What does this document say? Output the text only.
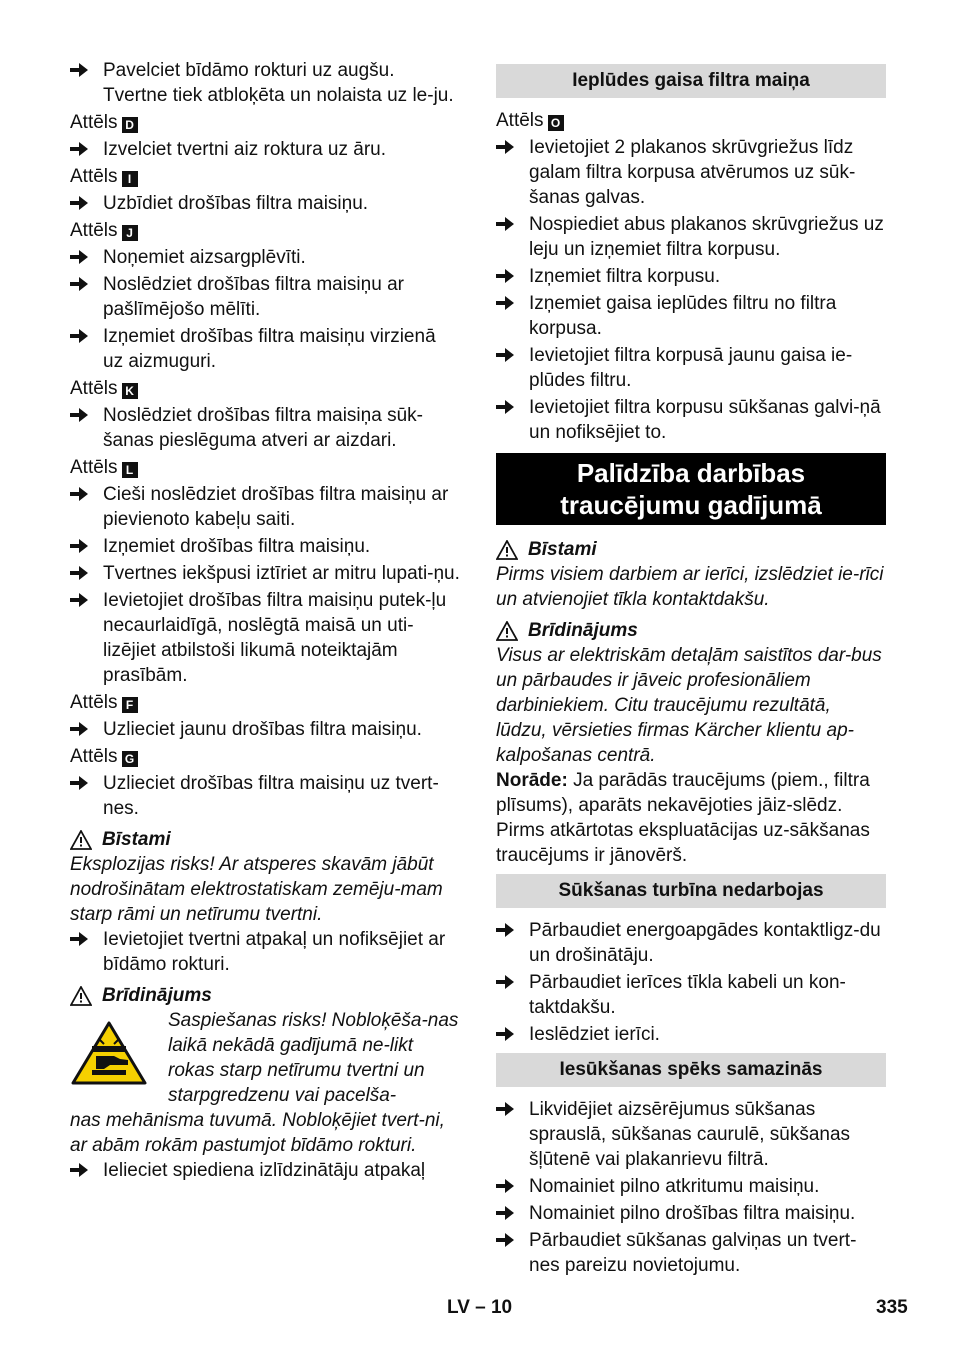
Pavelciet bīdāmo rokturi uz augšu. Tvertne tiek atbloķēta un nolaista uz le-ju.
Attēls D
Izvelciet tvertni aiz roktura uz āru.
Attēls I
Uzbīdiet drošības filtra maisiņu.
Attēls J
Noņemiet aizsargplēvīti.
Noslēdziet drošības filtra maisiņu ar pašlīmējošo mēlīti.
Izņemiet drošības filtra maisiņu virzienā uz aizmuguri.
Attēls K
Noslēdziet drošības filtra maisiņa sūk-šanas pieslēguma atveri ar aizdari.
Attēls L
Cieši noslēdziet drošības filtra maisiņu ar pievienoto kabeļu saiti.
Izņemiet drošības filtra maisiņu.
Tvertnes iekšpusi iztīriet ar mitru lupati-ņu.
Ievietojiet drošības filtra maisiņu putek-ļu necaurlaidīgā, noslēgtā maisā un uti-lizējiet atbilstoši likumā noteiktajām prasībām.
Attēls F
Uzlieciet jaunu drošības filtra maisiņu.
Attēls G
Uzlieciet drošības filtra maisiņu uz tvert-nes.
Bīstami
Eksplozijas risks! Ar atsperes skavām jābūt nodrošinātam elektrostatiskam zemēju-mam starp rāmi un netīrumu tvertni.
Ievietojiet tvertni atpakaļ un nofiksējiet ar bīdāmo rokturi.
Brīdinājums
Saspiešanas risks! Nobloķēša-nas laikā nekādā gadījumā ne-likt rokas starp netīrumu tvertni un starpgredzenu vai pacelša-
nas mehānisma tuvumā. Nobloķējiet tvert-ni, ar abām rokām pastumjot bīdāmo rokturi.
Ielieciet spiediena izlīdzinātāju atpakaļ
Ieplūdes gaisa filtra maiņa
Attēls O
Ievietojiet 2 plakanos skrūvgriežus līdz galam filtra korpusa atvērumos uz sūk-šanas galvas.
Nospiediet abus plakanos skrūvgriežus uz leju un izņemiet filtra korpusu.
Izņemiet filtra korpusu.
Izņemiet gaisa ieplūdes filtru no filtra korpusa.
Ievietojiet filtra korpusā jaunu gaisa ie-plūdes filtru.
Ievietojiet filtra korpusu sūkšanas galvi-ņā un nofiksējiet to.
Palīdzība darbības traucējumu gadījumā
Bīstami
Pirms visiem darbiem ar ierīci, izslēdziet ie-rīci un atvienojiet tīkla kontaktdakšu.
Brīdinājums
Visus ar elektriskām detaļām saistītos dar-bus un pārbaudes ir jāveic profesionāliem darbiniekiem. Citu traucējumu rezultātā, lūdzu, vērsieties firmas Kärcher klientu ap-kalpošanas centrā.
Norāde: Ja parādās traucējums (piem., filtra plīsums), aparāts nekavējoties jāiz-slēdz. Pirms atkārtotas ekspluatācijas uz-sākšanas traucējums ir jānovērš.
Sūkšanas turbīna nedarbojas
Pārbaudiet energoapgādes kontaktligz-du un drošinātāju.
Pārbaudiet ierīces tīkla kabeli un kon-taktdakšu.
Ieslēdziet ierīci.
Iesūkšanas spēks samazinās
Likvidējiet aizsērējumus sūkšanas sprauslā, sūkšanas caurulē, sūkšanas šļūtenē vai plakanrievu filtrā.
Nomainiet pilno atkritumu maisiņu.
Nomainiet pilno drošības filtra maisiņu.
Pārbaudiet sūkšanas galviņas un tvert-nes pareizu novietojumu.
LV – 10	335
